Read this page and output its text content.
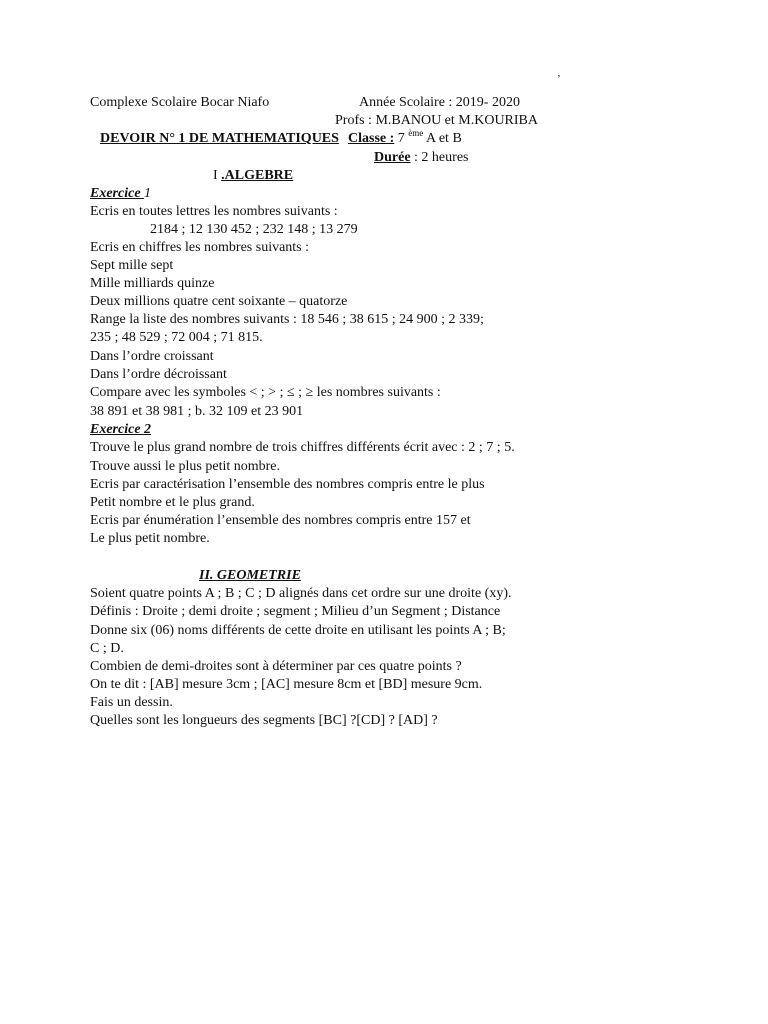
’
Complexe Scolaire Bocar Niafo	Année Scolaire : 2019- 2020
Profs : M.BANOU et M.KOURIBA
DEVOIR N° 1 DE MATHEMATIQUES Classe : 7 $^{ème}$ A et B
Durée : 2 heures
I .ALGEBRE
Exercice 1
Ecris en toutes lettres les nombres suivants :
2184 ; 12 130 452 ; 232 148 ; 13 279
Ecris en chiffres les nombres suivants :
Sept mille sept
Mille milliards quinze
Deux millions quatre cent soixante – quatorze
Range la liste des nombres suivants : 18 546 ; 38 615 ; 24 900 ; 2 339;
235 ; 48 529 ; 72 004 ; 71 815.
Dans l’ordre croissant
Dans l’ordre décroissant
Compare avec les symboles < ; > ; ≤ ; ≥ les nombres suivants :
38 891 et 38 981 ; b. 32 109 et 23 901
Exercice 2
Trouve le plus grand nombre de trois chiffres différents écrit avec : 2 ; 7 ; 5.
Trouve aussi le plus petit nombre.
Ecris par caractérisation l’ensemble des nombres compris entre le plus
Petit nombre et le plus grand.
Ecris par énumération l’ensemble des nombres compris entre 157 et
Le plus petit nombre.
II. GEOMETRIE
Soient quatre points A ; B ; C ; D alignés dans cet ordre sur une droite (xy).
Définis : Droite ; demi droite ; segment ; Milieu d’un Segment ; Distance
Donne six (06) noms différents de cette droite en utilisant les points A ; B;
C ; D.
Combien de demi-droites sont à déterminer par ces quatre points ?
On te dit : [AB] mesure 3cm ; [AC] mesure 8cm et [BD] mesure 9cm.
Fais un dessin.
Quelles sont les longueurs des segments [BC] ?[CD] ? [AD] ?
